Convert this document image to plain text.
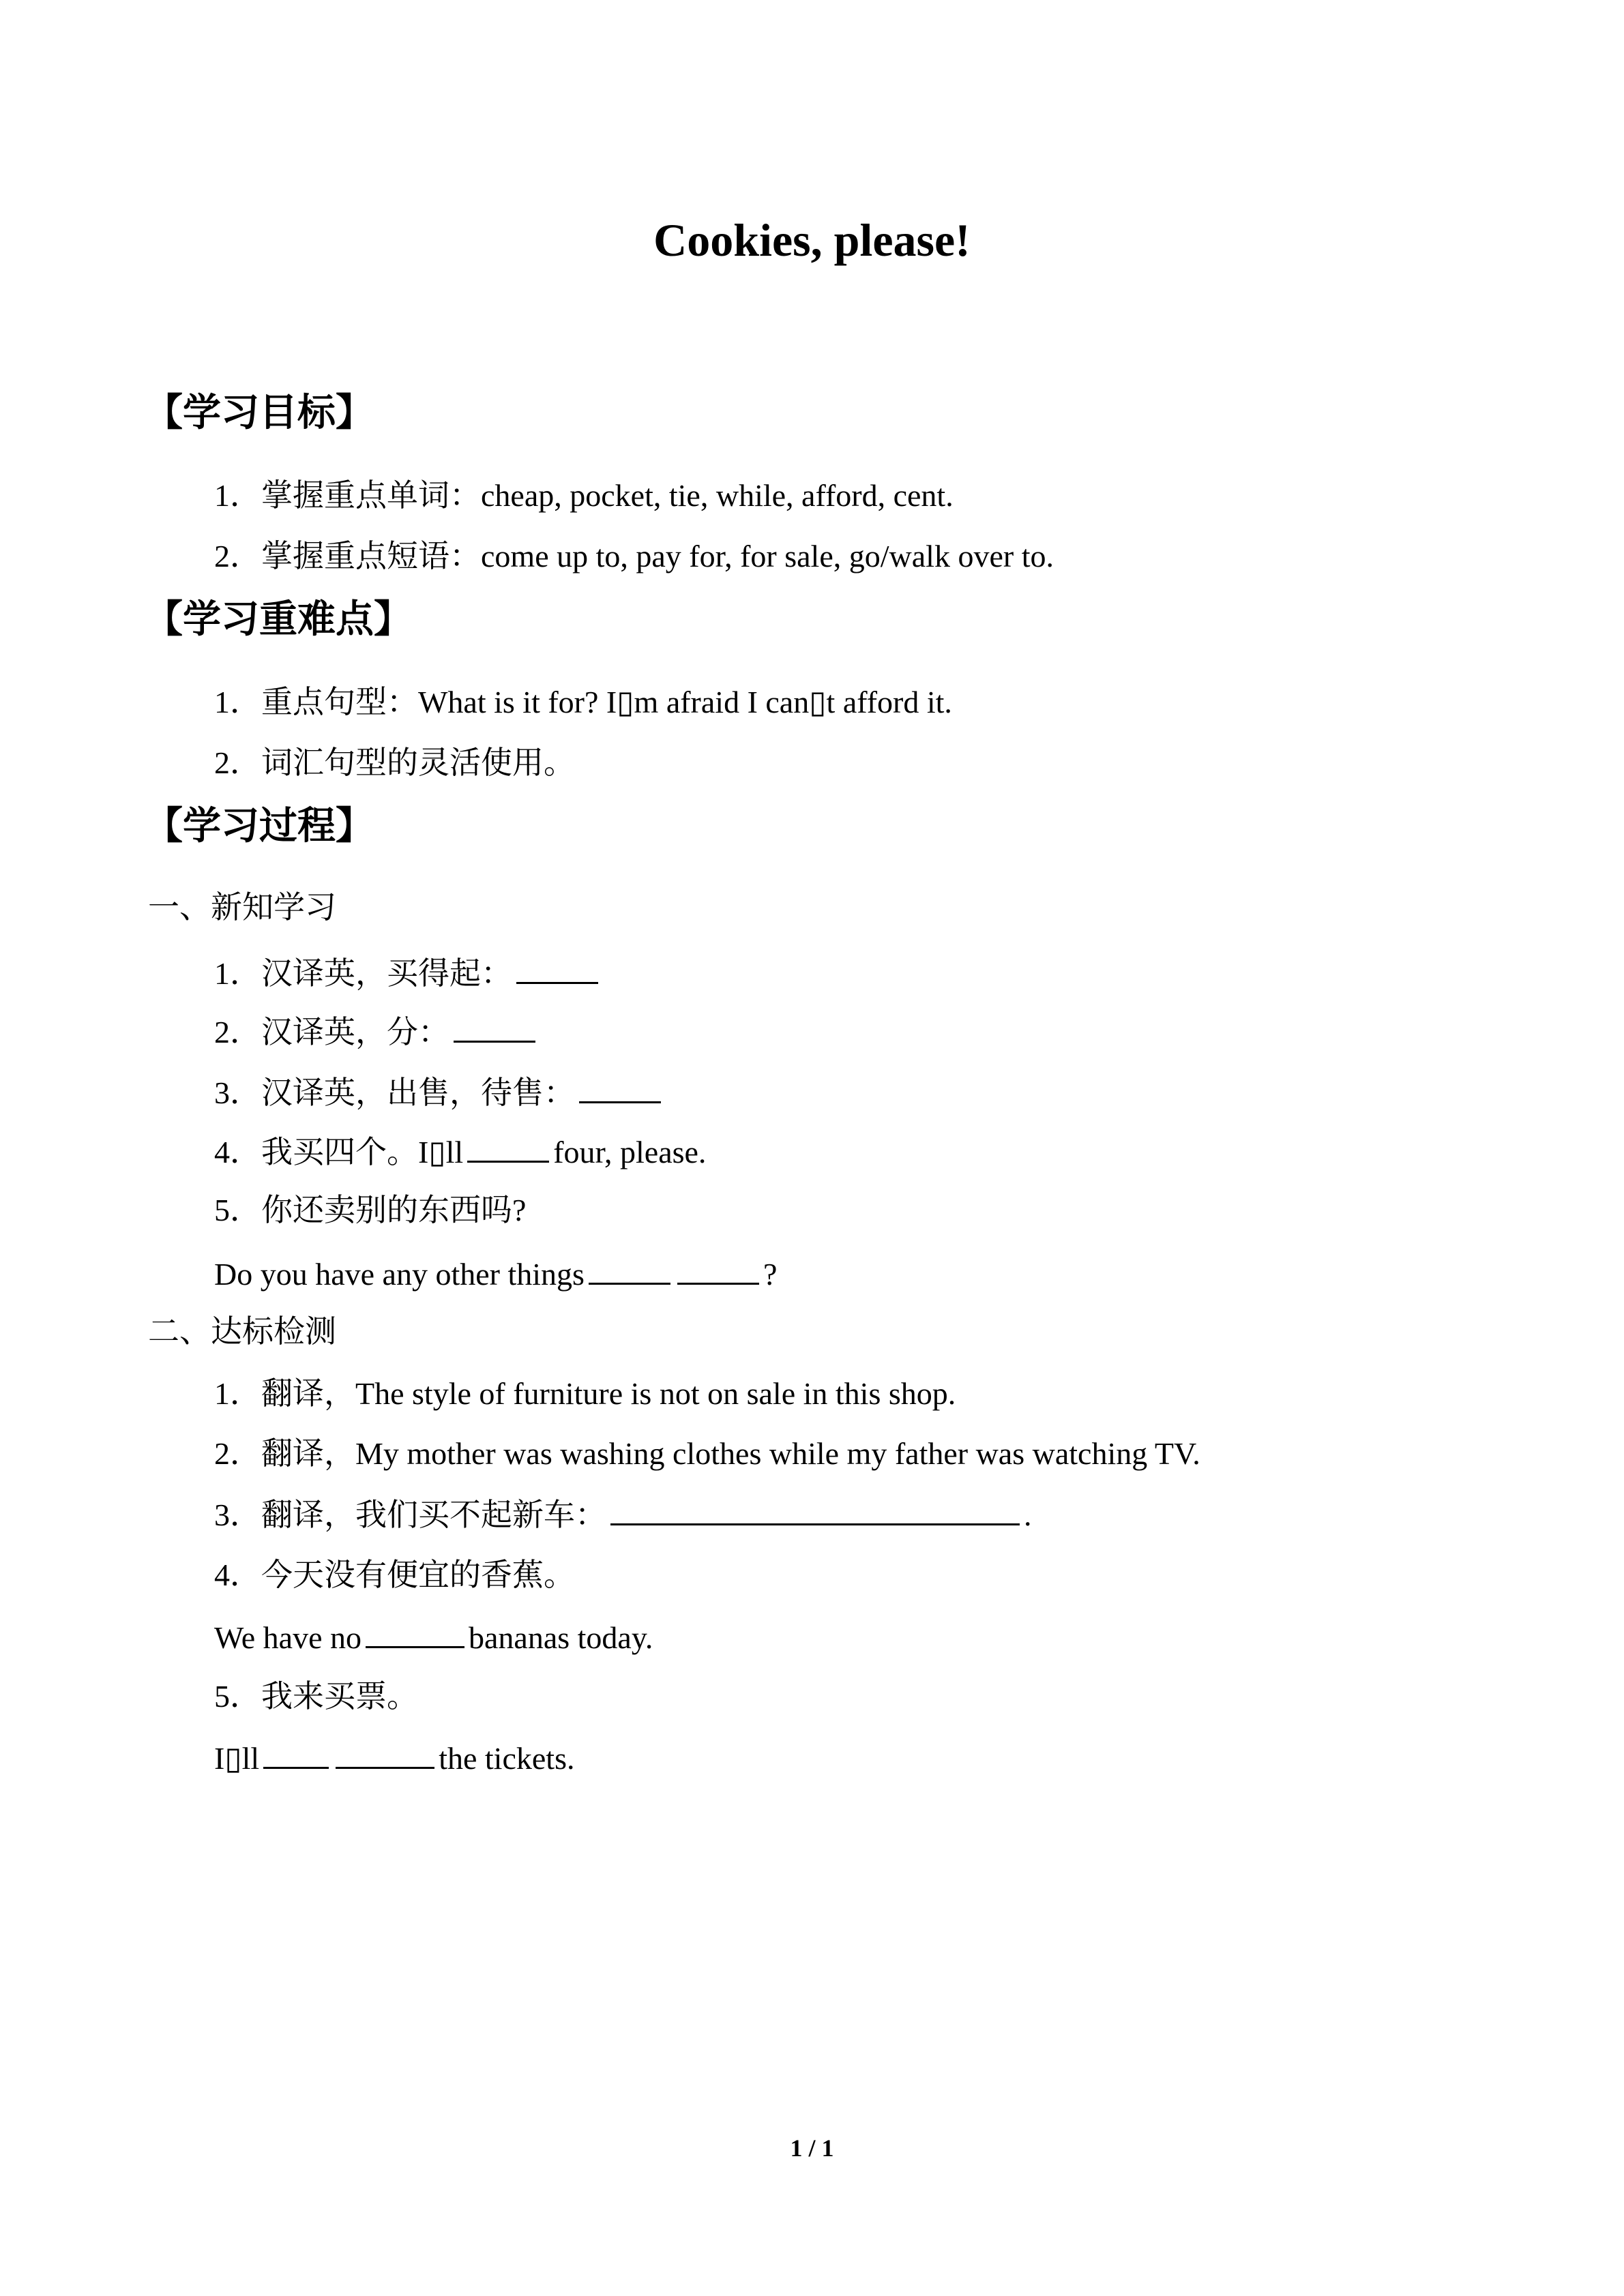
Cookies, please!
【学习目标】
1．掌握重点单词：cheap, pocket, tie, while, afford, cent.
2．掌握重点短语：come up to, pay for, for sale, go/walk over to.
【学习重难点】
1．重点句型：What is it for? I▯m afraid I can▯t afford it.
2．词汇句型的灵活使用。
【学习过程】
一、新知学习
1．汉译英，买得起：
2．汉译英，分：
3．汉译英，出售，待售：
4．我买四个。I▯ll	four, please.
5．你还卖别的东西吗?
Do you have any other things	?
二、达标检测
1．翻译，The style of furniture is not on sale in this shop.
2．翻译，My mother was washing clothes while my father was watching TV.
3．翻译，我们买不起新车：	.
4．今天没有便宜的香蕉。
We have no	bananas today.
5．我来买票。
I▯ll	the tickets.
1 / 1
